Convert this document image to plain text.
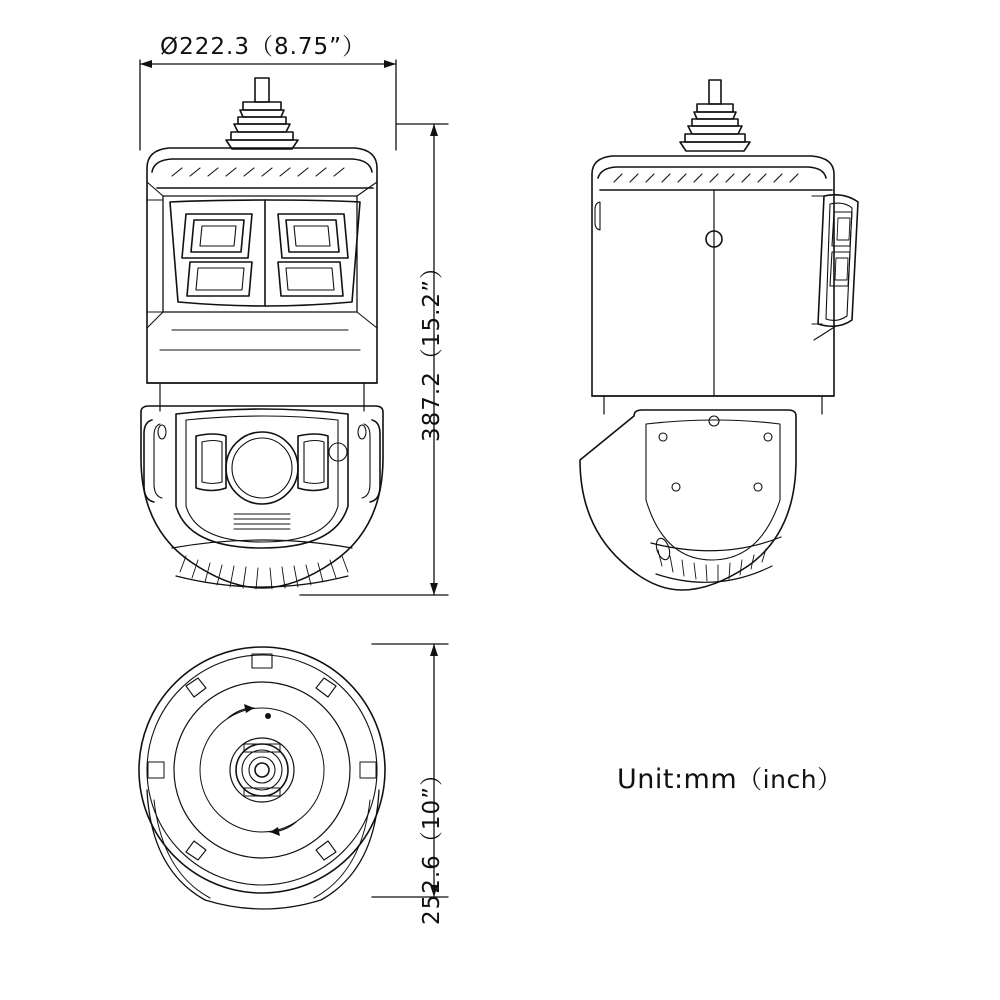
Ø222.3（8.75”）
387.2（15.2”）
252.6（10”）	Unit:mm（inch）
